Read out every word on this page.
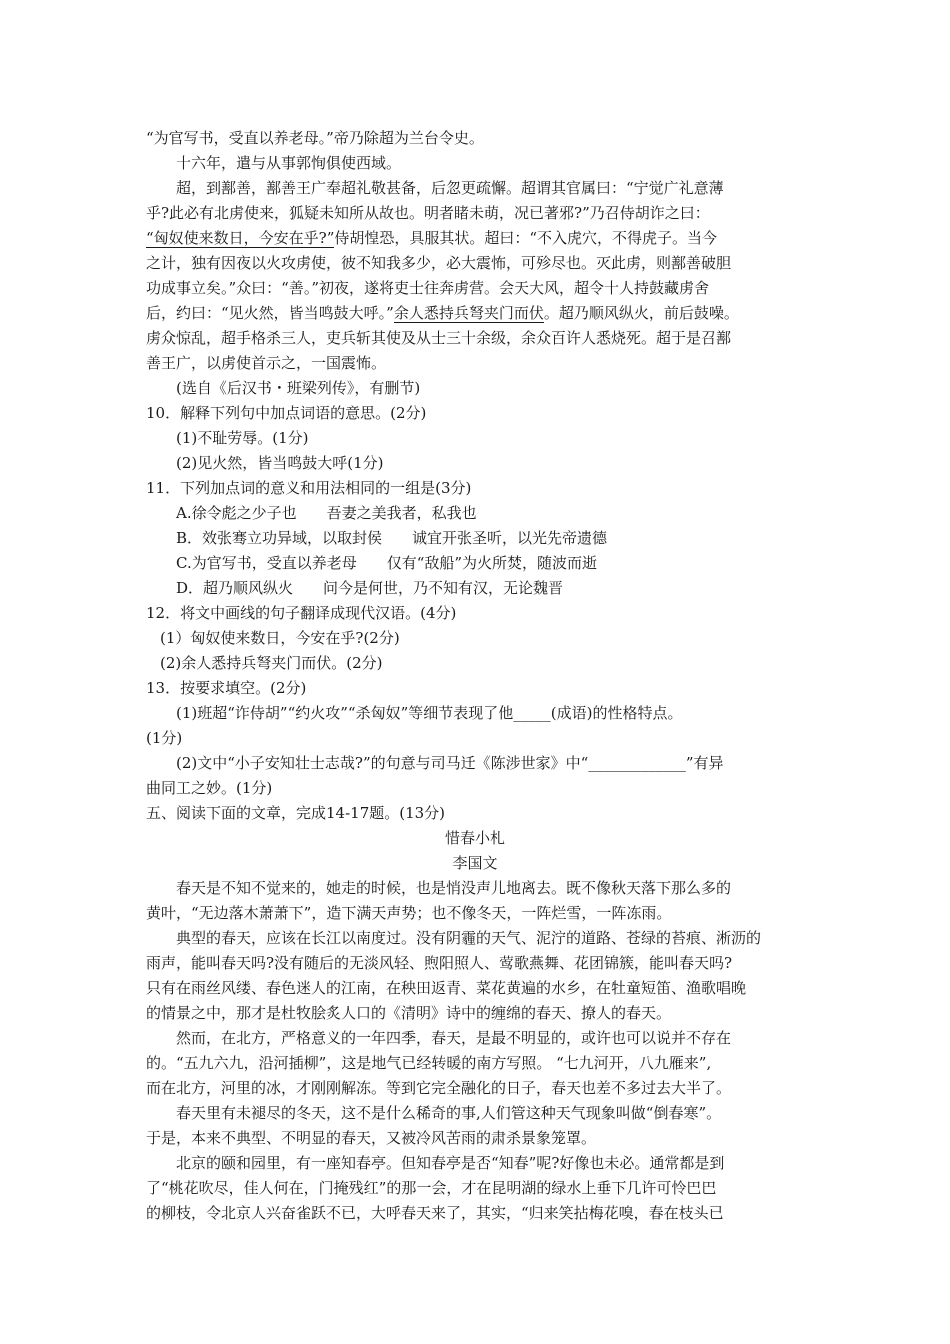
“为官写书，受直以养老母。”帝乃除超为兰台令史。

十六年，遣与从事郭恂俱使西域。

超，到鄯善，鄯善王广奉超礼敬甚备，后忽更疏懈。超谓其官属曰：“宁觉广礼意薄

乎?此必有北虏使来，狐疑未知所从故也。明者睹未萌，况已著邪?”乃召侍胡诈之曰：

“匈奴使来数日，今安在乎?”侍胡惶恐，具服其状。超曰：“不入虎穴，不得虎子。当今

之计，独有因夜以火攻虏使，彼不知我多少，必大震怖，可殄尽也。灭此虏，则鄯善破胆

功成事立矣。”众曰：“善。”初夜，遂将吏士往奔虏营。会天大风，超令十人持鼓藏虏舍

后，约曰：“见火然，皆当鸣鼓大呼。”余人悉持兵弩夹门而伏。超乃顺风纵火，前后鼓噪。

虏众惊乱，超手格杀三人，吏兵斩其使及从士三十余级，余众百许人悉烧死。超于是召鄯

善王广，以虏使首示之，一国震怖。

(选自《后汉书・班梁列传》，有删节)

10．解释下列句中加点词语的意思。(2分)

(1)不耻劳辱。(1分)

(2)见火然，皆当鸣鼓大呼(1分)

11．下列加点词的意义和用法相同的一组是(3分)

A.徐令彪之少子也　　吾妻之美我者，私我也

B．效张骞立功异域，以取封侯　　诚宜开张圣听，以光先帝遗德

C.为官写书，受直以养老母　　仅有“敌船”为火所焚，随波而逝

D．超乃顺风纵火　　问今是何世，乃不知有汉，无论魏晋

12．将文中画线的句子翻译成现代汉语。(4分)

(1）匈奴使来数日，今安在乎?(2分)

(2)余人悉持兵弩夹门而伏。(2分)

13．按要求填空。(2分)

(1)班超“诈侍胡”“约火攻”“杀匈奴”等细节表现了他_____(成语)的性格特点。

(1分)

(2)文中“小子安知壮士志哉?”的句意与司马迁《陈涉世家》中“_____________”有异

曲同工之妙。(1分)

五、阅读下面的文章，完成14-17题。(13分)

惜春小札

李国文

春天是不知不觉来的，她走的时候，也是悄没声儿地离去。既不像秋天落下那么多的

黄叶，“无边落木萧萧下”，造下满天声势；也不像冬天，一阵烂雪，一阵冻雨。

典型的春天，应该在长江以南度过。没有阴霾的天气、泥泞的道路、苍绿的苔痕、淅沥的

雨声，能叫春天吗?没有随后的无淡风轻、煦阳照人、莺歌燕舞、花团锦簇，能叫春天吗?

只有在雨丝风缕、春色迷人的江南，在秧田返青、菜花黄遍的水乡，在牡童短笛、渔歌唱晚

的情景之中，那才是杜牧脍炙人口的《清明》诗中的缠绵的春天、撩人的春天。

然而，在北方，严格意义的一年四季，春天，是最不明显的，或许也可以说并不存在

的。“五九六九，沿河插柳”，这是地气已经转暖的南方写照。 “七九河开，八九雁来”,

而在北方，河里的冰，才刚刚解冻。等到它完全融化的日子，春天也差不多过去大半了。

春天里有未褪尽的冬天，这不是什么稀奇的事,人们管这种天气现象叫做“倒春寒”。

于是，本来不典型、不明显的春天，又被冷风苦雨的肃杀景象笼罩。

北京的颐和园里，有一座知春亭。但知春亭是否“知春”呢?好像也未必。通常都是到

了“桃花吹尽，佳人何在，门掩残红”的那一会，才在昆明湖的绿水上垂下几许可怜巴巴

的柳枝，令北京人兴奋雀跃不已，大呼春天来了，其实，“归来笑拈梅花嗅，春在枝头已
